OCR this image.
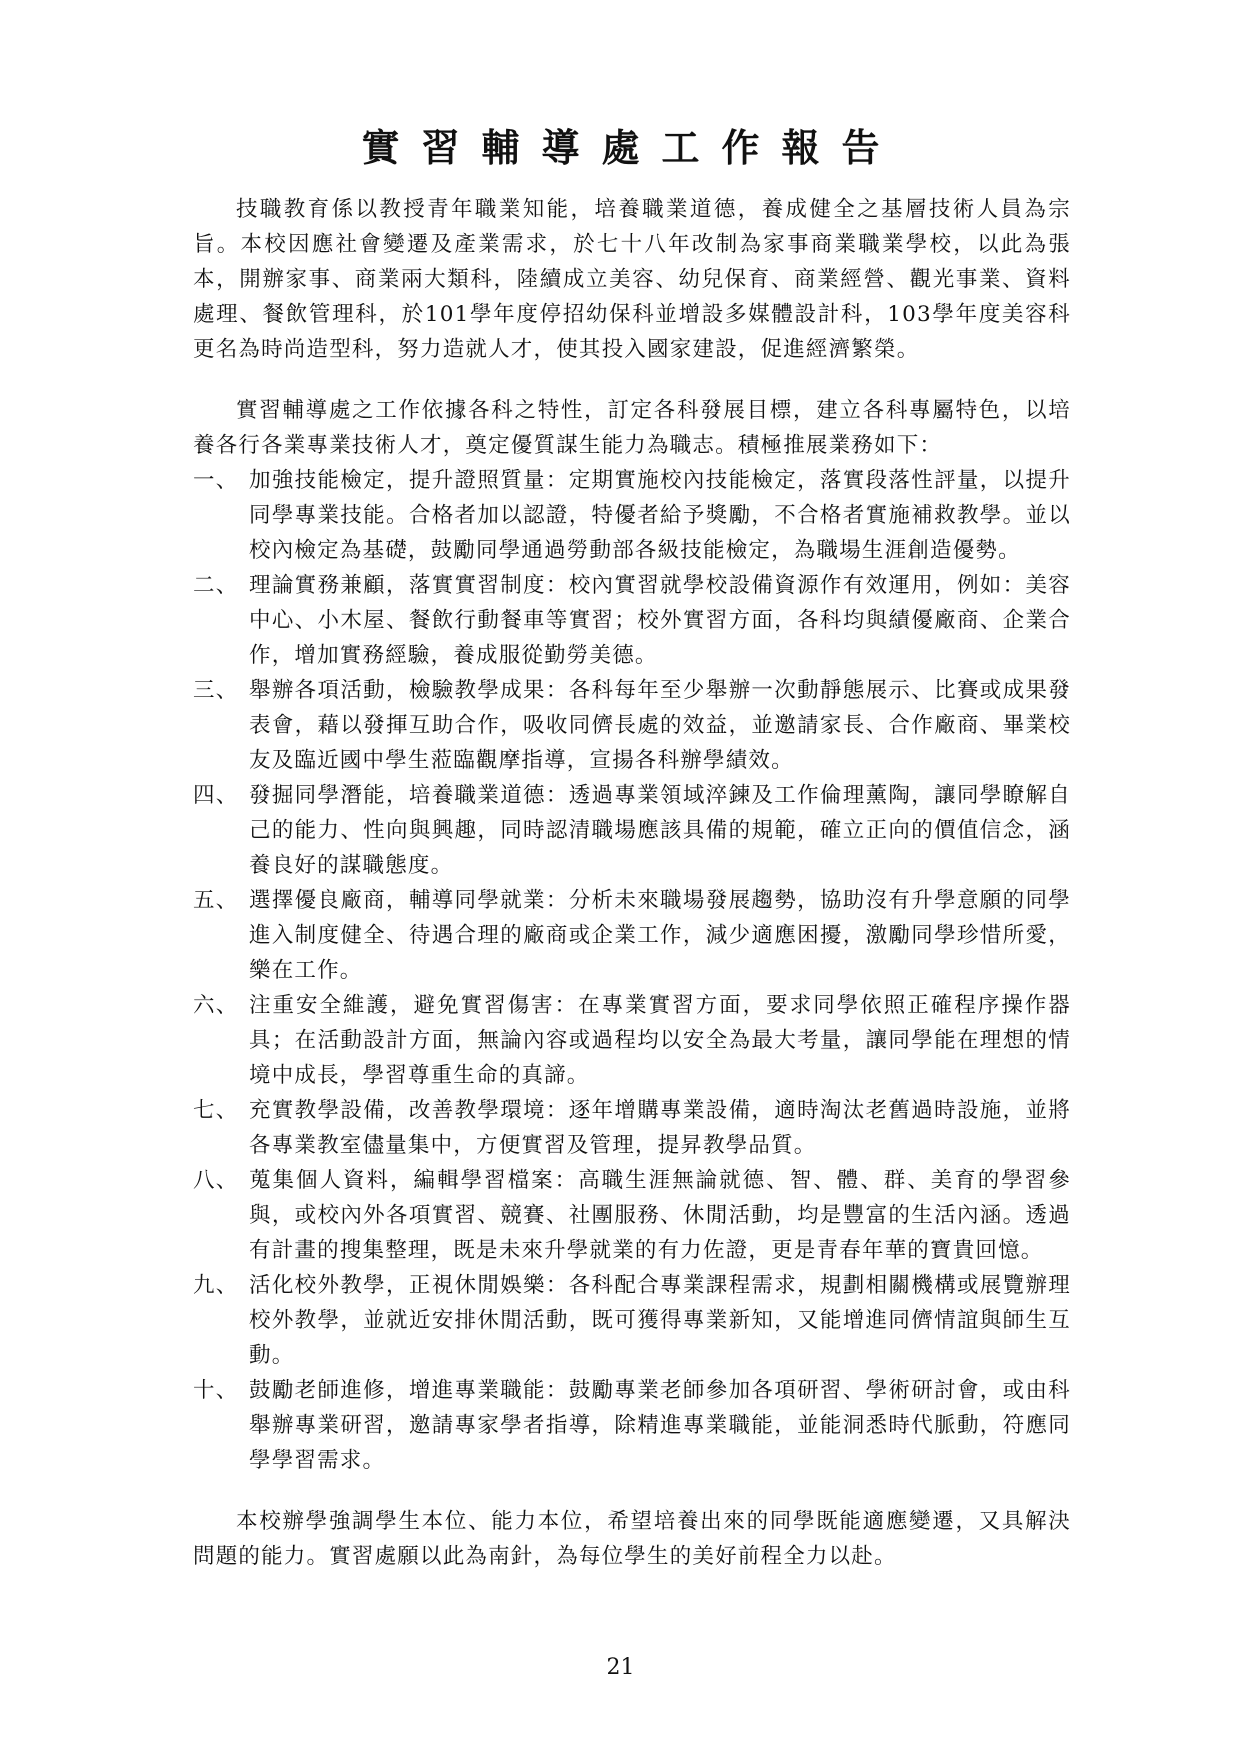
實習輔導處工作報告

技職教育係以教授青年職業知能，培養職業道德，養成健全之基層技術人員為宗旨。本校因應社會變遷及產業需求，於七十八年改制為家事商業職業學校，以此為張本，開辦家事、商業兩大類科，陸續成立美容、幼兒保育、商業經營、觀光事業、資料處理、餐飲管理科，於101學年度停招幼保科並增設多媒體設計科，103學年度美容科更名為時尚造型科，努力造就人才，使其投入國家建設，促進經濟繁榮。

實習輔導處之工作依據各科之特性，訂定各科發展目標，建立各科專屬特色，以培養各行各業專業技術人才，奠定優質謀生能力為職志。積極推展業務如下：

一、 加強技能檢定，提升證照質量：定期實施校內技能檢定，落實段落性評量，以提升同學專業技能。合格者加以認證，特優者給予獎勵，不合格者實施補救教學。並以校內檢定為基礎，鼓勵同學通過勞動部各級技能檢定，為職場生涯創造優勢。
二、 理論實務兼顧，落實實習制度：校內實習就學校設備資源作有效運用，例如：美容中心、小木屋、餐飲行動餐車等實習；校外實習方面，各科均與績優廠商、企業合作，增加實務經驗，養成服從勤勞美德。
三、 舉辦各項活動，檢驗教學成果：各科每年至少舉辦一次動靜態展示、比賽或成果發表會，藉以發揮互助合作，吸收同儕長處的效益，並邀請家長、合作廠商、畢業校友及臨近國中學生蒞臨觀摩指導，宣揚各科辦學績效。
四、 發掘同學潛能，培養職業道德：透過專業領域淬鍊及工作倫理薰陶，讓同學瞭解自己的能力、性向與興趣，同時認清職場應該具備的規範，確立正向的價值信念，涵養良好的謀職態度。
五、 選擇優良廠商，輔導同學就業：分析未來職場發展趨勢，協助沒有升學意願的同學進入制度健全、待遇合理的廠商或企業工作，減少適應困擾，激勵同學珍惜所愛，樂在工作。
六、 注重安全維護，避免實習傷害：在專業實習方面，要求同學依照正確程序操作器具；在活動設計方面，無論內容或過程均以安全為最大考量，讓同學能在理想的情境中成長，學習尊重生命的真諦。
七、 充實教學設備，改善教學環境：逐年增購專業設備，適時淘汰老舊過時設施，並將各專業教室儘量集中，方便實習及管理，提昇教學品質。
八、 蒐集個人資料，編輯學習檔案：高職生涯無論就德、智、體、群、美育的學習參與，或校內外各項實習、競賽、社團服務、休閒活動，均是豐富的生活內涵。透過有計畫的搜集整理，既是未來升學就業的有力佐證，更是青春年華的寶貴回憶。
九、 活化校外教學，正視休閒娛樂：各科配合專業課程需求，規劃相關機構或展覽辦理校外教學，並就近安排休閒活動，既可獲得專業新知，又能增進同儕情誼與師生互動。
十、 鼓勵老師進修，增進專業職能：鼓勵專業老師參加各項研習、學術研討會，或由科舉辦專業研習，邀請專家學者指導，除精進專業職能，並能洞悉時代脈動，符應同學學習需求。

本校辦學強調學生本位、能力本位，希望培養出來的同學既能適應變遷，又具解決問題的能力。實習處願以此為南針，為每位學生的美好前程全力以赴。

21
